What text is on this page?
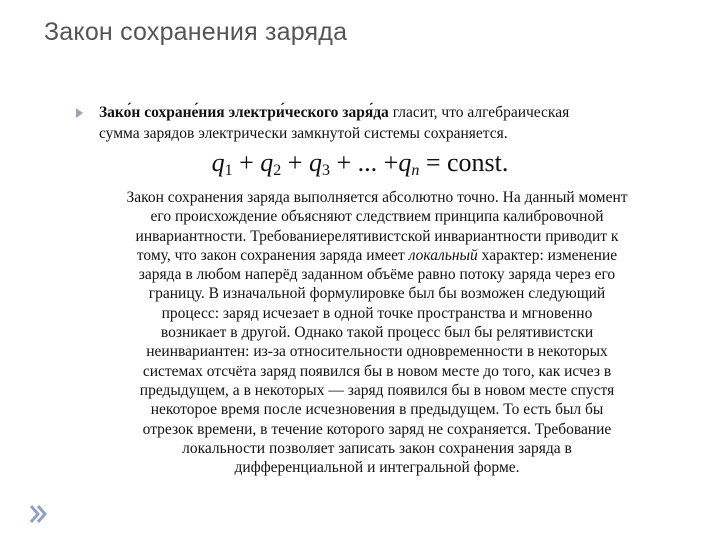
Закон сохранения заряда
Зако́н сохране́ния электри́ческого заря́да гласит, что алгебраическая
сумма зарядов электрически замкнутой системы сохраняется.
$q_1 + q_2 + q_3$ + ... $+q_n$ = const.
Закон сохранения заряда выполняется абсолютно точно. На данный момент
его происхождение объясняют следствием принципа калибровочной
инвариантности. Требованиерелятивистской инвариантности приводит к
тому, что закон сохранения заряда имеет локальный характер: изменение
заряда в любом наперёд заданном объёме равно потоку заряда через его
границу. В изначальной формулировке был бы возможен следующий
процесс: заряд исчезает в одной точке пространства и мгновенно
возникает в другой. Однако такой процесс был бы релятивистски
неинвариантен: из-за относительности одновременности в некоторых
системах отсчёта заряд появился бы в новом месте до того, как исчез в
предыдущем, а в некоторых — заряд появился бы в новом месте спустя
некоторое время после исчезновения в предыдущем. То есть был бы
отрезок времени, в течение которого заряд не сохраняется. Требование
локальности позволяет записать закон сохранения заряда в
дифференциальной и интегральной форме.
